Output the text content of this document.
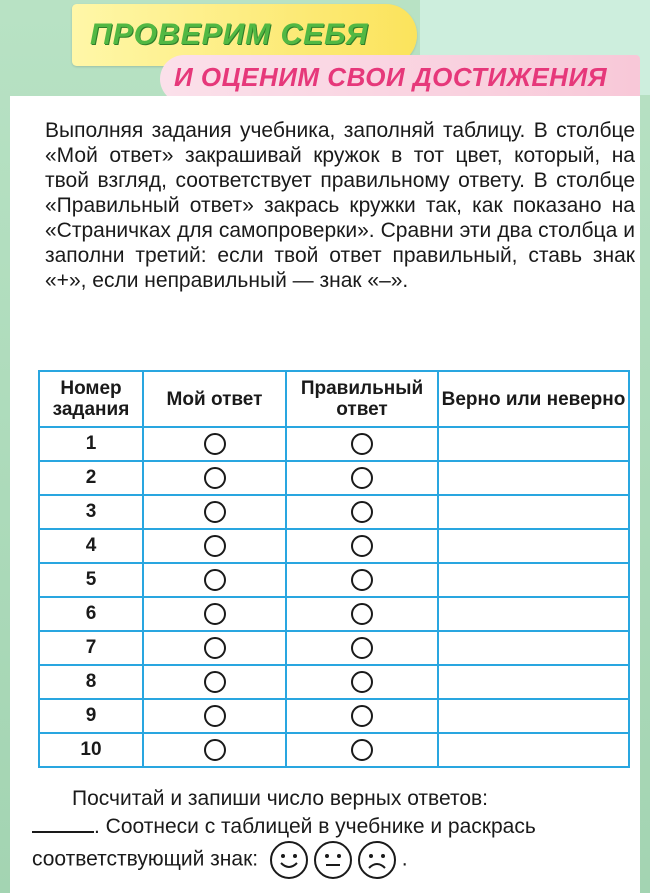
ПРОВЕРИМ СЕБЯ
И ОЦЕНИМ СВОИ ДОСТИЖЕНИЯ

Выполняя задания учебника, заполняй таблицу. В столбце «Мой ответ» закрашивай кружок в тот цвет, который, на твой взгляд, соответствует правильному ответу. В столбце «Правильный ответ» закрась кружки так, как показано на «Страничках для самопроверки». Сравни эти два столбца и заполни третий: если твой ответ правильный, ставь знак «+», если неправильный — знак «–».

Номер задания	Мой ответ	Правильный ответ	Верно или неверно
1			
2			
3			
4			
5			
6			
7			
8			
9			
10			
Посчитай и запиши число верных ответов:
. Соотнеси с таблицей в учебнике и раскрась соответствующий знак:	.
